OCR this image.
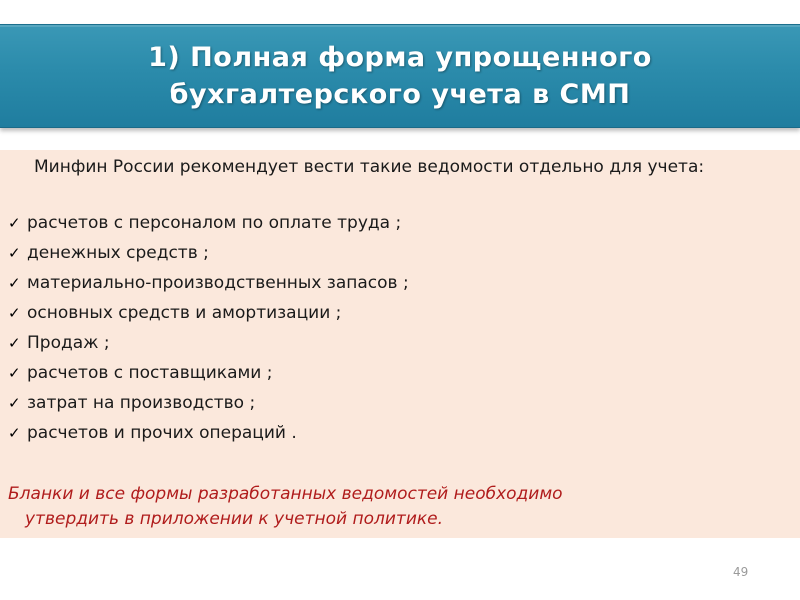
1) Полная форма упрощенного
бухгалтерского учета в СМП
Минфин России рекомендует вести такие ведомости отдельно для учета:
✓ расчетов с персоналом по оплате труда ;
✓ денежных средств ;
✓ материально-производственных запасов ;
✓ основных средств и амортизации ;
✓ Продаж ;
✓ расчетов с поставщиками ;
✓ затрат на производство ;
✓ расчетов и прочих операций .
Бланки и все формы разработанных ведомостей необходимо
утвердить в приложении к учетной политике.
49
